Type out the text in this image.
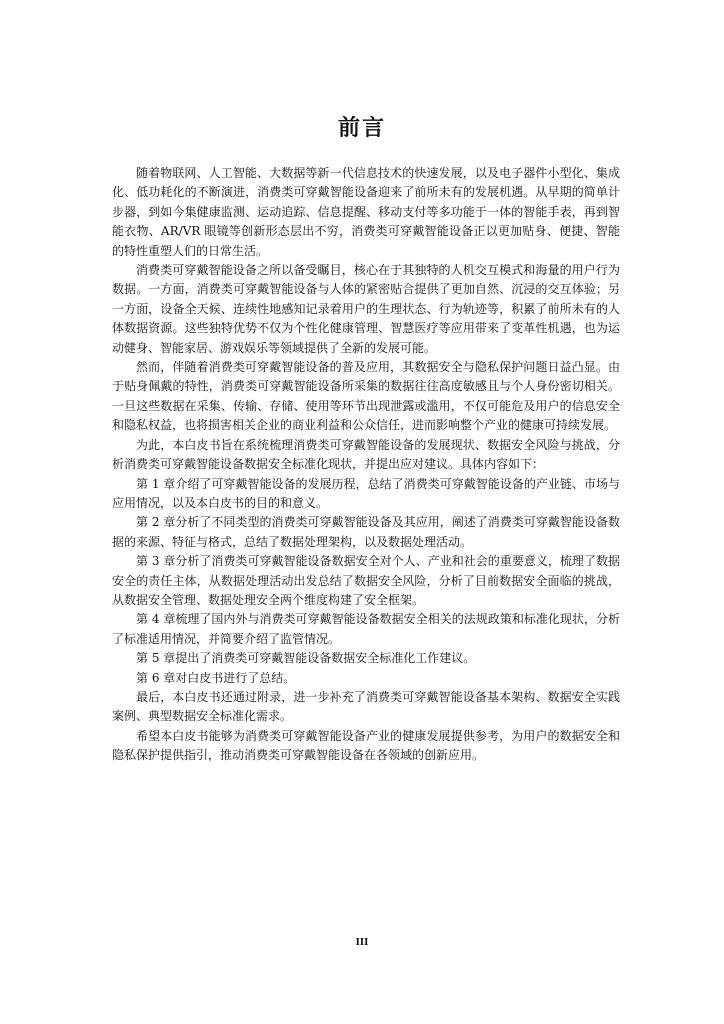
前言

随着物联网、人工智能、大数据等新一代信息技术的快速发展，以及电子器件小型化、集成化、低功耗化的不断演进，消费类可穿戴智能设备迎来了前所未有的发展机遇。从早期的简单计步器，到如今集健康监测、运动追踪、信息提醒、移动支付等多功能于一体的智能手表，再到智能衣物、AR/VR 眼镜等创新形态层出不穷，消费类可穿戴智能设备正以更加贴身、便捷、智能的特性重塑人们的日常生活。

消费类可穿戴智能设备之所以备受瞩目，核心在于其独特的人机交互模式和海量的用户行为数据。一方面，消费类可穿戴智能设备与人体的紧密贴合提供了更加自然、沉浸的交互体验；另一方面，设备全天候、连续性地感知记录着用户的生理状态、行为轨迹等，积累了前所未有的人体数据资源。这些独特优势不仅为个性化健康管理、智慧医疗等应用带来了变革性机遇，也为运动健身、智能家居、游戏娱乐等领域提供了全新的发展可能。

然而，伴随着消费类可穿戴智能设备的普及应用，其数据安全与隐私保护问题日益凸显。由于贴身佩戴的特性，消费类可穿戴智能设备所采集的数据往往高度敏感且与个人身份密切相关。一旦这些数据在采集、传输、存储、使用等环节出现泄露或滥用，不仅可能危及用户的信息安全和隐私权益，也将损害相关企业的商业利益和公众信任，进而影响整个产业的健康可持续发展。

为此，本白皮书旨在系统梳理消费类可穿戴智能设备的发展现状、数据安全风险与挑战，分析消费类可穿戴智能设备数据安全标准化现状，并提出应对建议。具体内容如下：

第 1 章介绍了可穿戴智能设备的发展历程，总结了消费类可穿戴智能设备的产业链、市场与应用情况，以及本白皮书的目的和意义。

第 2 章分析了不同类型的消费类可穿戴智能设备及其应用，阐述了消费类可穿戴智能设备数据的来源、特征与格式，总结了数据处理架构，以及数据处理活动。

第 3 章分析了消费类可穿戴智能设备数据安全对个人、产业和社会的重要意义，梳理了数据安全的责任主体，从数据处理活动出发总结了数据安全风险，分析了目前数据安全面临的挑战，从数据安全管理、数据处理安全两个维度构建了安全框架。

第 4 章梳理了国内外与消费类可穿戴智能设备数据安全相关的法规政策和标准化现状，分析了标准适用情况，并简要介绍了监管情况。

第 5 章提出了消费类可穿戴智能设备数据安全标准化工作建议。

第 6 章对白皮书进行了总结。

最后，本白皮书还通过附录，进一步补充了消费类可穿戴智能设备基本架构、数据安全实践案例、典型数据安全标准化需求。

希望本白皮书能够为消费类可穿戴智能设备产业的健康发展提供参考，为用户的数据安全和隐私保护提供指引，推动消费类可穿戴智能设备在各领域的创新应用。

III
